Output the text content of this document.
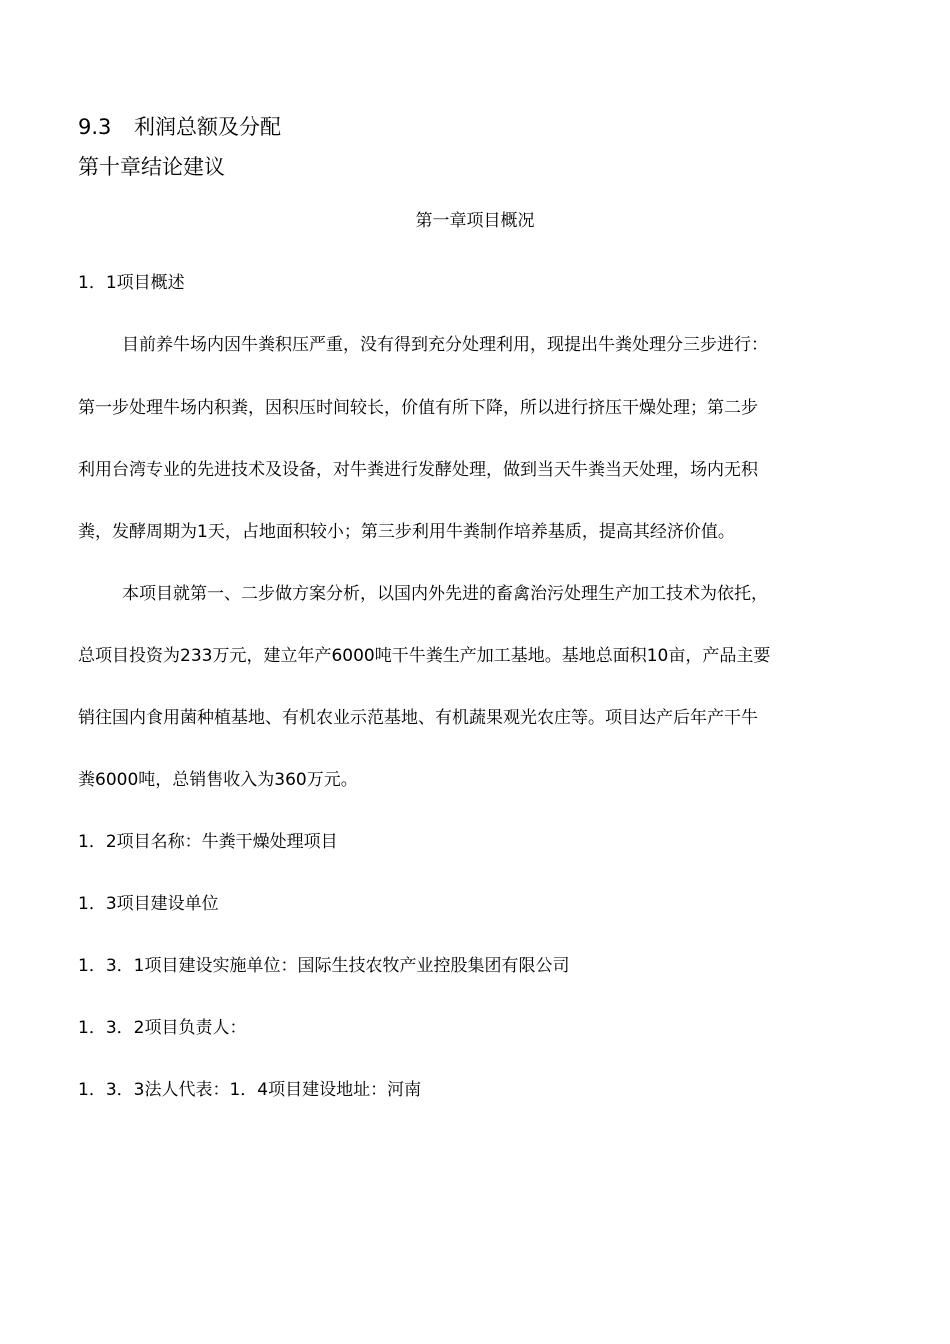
9.3 利润总额及分配
第十章结论建议
第一章项目概况
1．1项目概述
目前养牛场内因牛粪积压严重，没有得到充分处理利用，现提出牛粪处理分三步进行：
第一步处理牛场内积粪，因积压时间较长，价值有所下降，所以进行挤压干燥处理；第二步
利用台湾专业的先进技术及设备，对牛粪进行发酵处理，做到当天牛粪当天处理，场内无积
粪，发酵周期为1天，占地面积较小；第三步利用牛粪制作培养基质，提高其经济价值。
本项目就第一、二步做方案分析，以国内外先进的畜禽治污处理生产加工技术为依托，
总项目投资为233万元，建立年产6000吨干牛粪生产加工基地。基地总面积10亩，产品主要
销往国内食用菌种植基地、有机农业示范基地、有机蔬果观光农庄等。项目达产后年产干牛
粪6000吨，总销售收入为360万元。
1．2项目名称：牛粪干燥处理项目
1．3项目建设单位
1．3．1项目建设实施单位：国际生技农牧产业控股集团有限公司
1．3．2项目负责人：
1．3．3法人代表：1．4项目建设地址：河南
